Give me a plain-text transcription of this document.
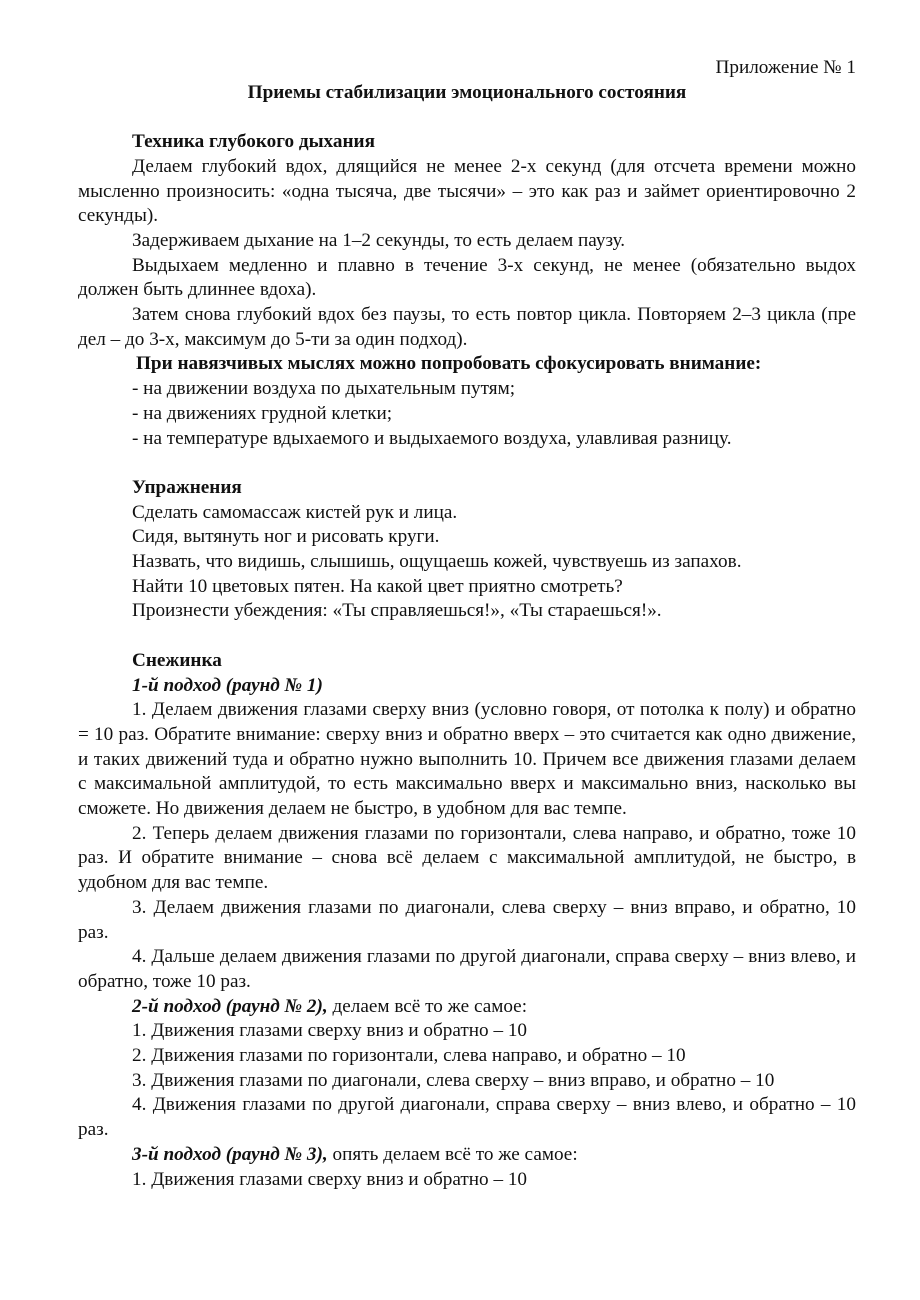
Приложение № 1

Приемы стабилизации эмоционального состояния

Техника глубокого дыхания

Делаем глубокий вдох, длящийся не менее 2-х секунд (для отсчета времени можно мысленно произносить: «одна тысяча, две тысячи» – это как раз и займет ориентировочно 2 секунды).

Задерживаем дыхание на 1–2 секунды, то есть делаем паузу.

Выдыхаем медленно и плавно в течение 3-х секунд, не менее (обязательно выдох должен быть длиннее вдоха).

Затем снова глубокий вдох без паузы, то есть повтор цикла. Повторяем 2–3 цикла (пре дел – до 3-х, максимум до 5-ти за один подход).

При навязчивых мыслях можно попробовать сфокусировать внимание:

- на движении воздуха по дыхательным путям;

- на движениях грудной клетки;

- на температуре вдыхаемого и выдыхаемого воздуха, улавливая разницу.

Упражнения

Сделать самомассаж кистей рук и лица.

Сидя, вытянуть ног и рисовать круги.

Назвать, что видишь, слышишь, ощущаешь кожей, чувствуешь из запахов.

Найти 10 цветовых пятен. На какой цвет приятно смотреть?

Произнести убеждения: «Ты справляешься!», «Ты стараешься!».

Снежинка

1-й подход (раунд № 1)

1. Делаем движения глазами сверху вниз (условно говоря, от потолка к полу) и обратно = 10 раз. Обратите внимание: сверху вниз и обратно вверх – это считается как одно движение, и таких движений туда и обратно нужно выполнить 10. Причем все движения глазами делаем с максимальной амплитудой, то есть максимально вверх и максимально вниз, насколько вы сможете. Но движения делаем не быстро, в удобном для вас темпе.

2. Теперь делаем движения глазами по горизонтали, слева направо, и обратно, тоже 10 раз. И обратите внимание – снова всё делаем с максимальной амплитудой, не быстро, в удобном для вас темпе.

3. Делаем движения глазами по диагонали, слева сверху – вниз вправо, и обратно, 10 раз.

4. Дальше делаем движения глазами по другой диагонали, справа сверху – вниз влево, и обратно, тоже 10 раз.

2-й подход (раунд № 2), делаем всё то же самое:

1. Движения глазами сверху вниз и обратно – 10

2. Движения глазами по горизонтали, слева направо, и обратно – 10

3. Движения глазами по диагонали, слева сверху – вниз вправо, и обратно – 10

4. Движения глазами по другой диагонали, справа сверху – вниз влево, и обратно – 10 раз.

3-й подход (раунд № 3), опять делаем всё то же самое:

1. Движения глазами сверху вниз и обратно – 10
